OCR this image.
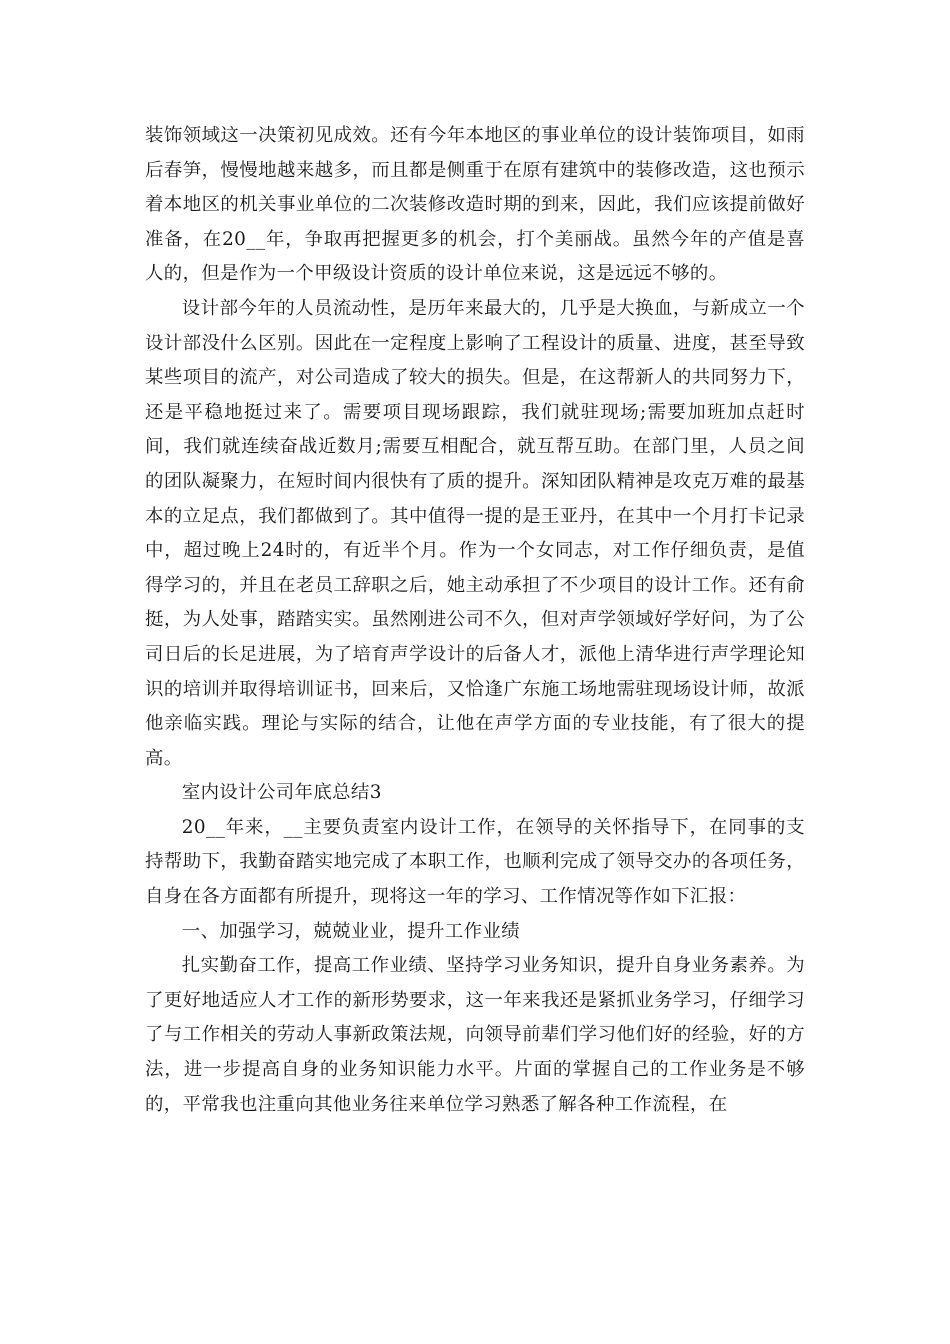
装饰领域这一决策初见成效。还有今年本地区的事业单位的设计装饰项目，如雨后春笋，慢慢地越来越多，而且都是侧重于在原有建筑中的装修改造，这也预示着本地区的机关事业单位的二次装修改造时期的到来，因此，我们应该提前做好准备，在20__年，争取再把握更多的机会，打个美丽战。虽然今年的产值是喜人的，但是作为一个甲级设计资质的设计单位来说，这是远远不够的。

设计部今年的人员流动性，是历年来最大的，几乎是大换血，与新成立一个设计部没什么区别。因此在一定程度上影响了工程设计的质量、进度，甚至导致某些项目的流产，对公司造成了较大的损失。但是，在这帮新人的共同努力下，还是平稳地挺过来了。需要项目现场跟踪，我们就驻现场;需要加班加点赶时间，我们就连续奋战近数月;需要互相配合，就互帮互助。在部门里，人员之间的团队凝聚力，在短时间内很快有了质的提升。深知团队精神是攻克万难的最基本的立足点，我们都做到了。其中值得一提的是王亚丹，在其中一个月打卡记录中，超过晚上24时的，有近半个月。作为一个女同志，对工作仔细负责，是值得学习的，并且在老员工辞职之后，她主动承担了不少项目的设计工作。还有俞挺，为人处事，踏踏实实。虽然刚进公司不久，但对声学领域好学好问，为了公司日后的长足进展，为了培育声学设计的后备人才，派他上清华进行声学理论知识的培训并取得培训证书，回来后，又恰逢广东施工场地需驻现场设计师，故派他亲临实践。理论与实际的结合，让他在声学方面的专业技能，有了很大的提高。

室内设计公司年底总结3

20__年来，__主要负责室内设计工作，在领导的关怀指导下，在同事的支持帮助下，我勤奋踏实地完成了本职工作，也顺利完成了领导交办的各项任务，自身在各方面都有所提升，现将这一年的学习、工作情况等作如下汇报：

一、加强学习，兢兢业业，提升工作业绩

扎实勤奋工作，提高工作业绩、坚持学习业务知识，提升自身业务素养。为了更好地适应人才工作的新形势要求，这一年来我还是紧抓业务学习，仔细学习了与工作相关的劳动人事新政策法规，向领导前辈们学习他们好的经验，好的方法，进一步提高自身的业务知识能力水平。片面的掌握自己的工作业务是不够的，平常我也注重向其他业务往来单位学习熟悉了解各种工作流程，在
